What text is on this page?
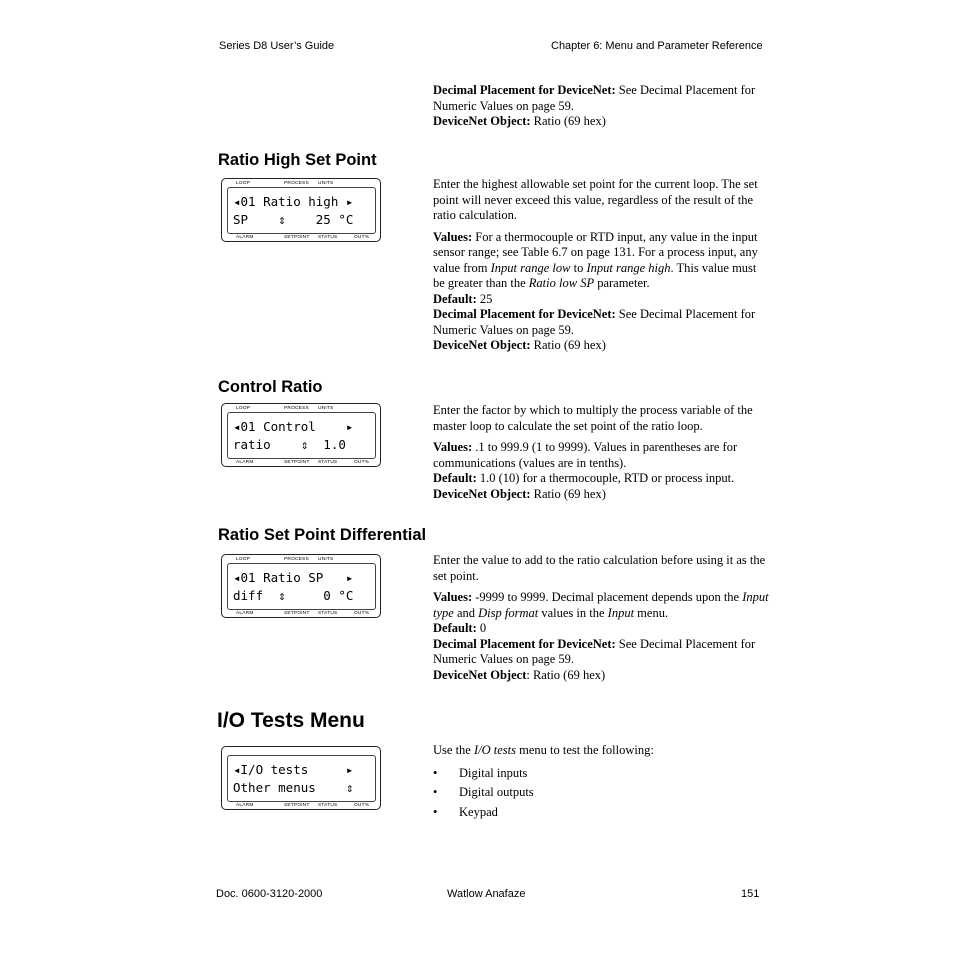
Series D8 User’s Guide	Chapter 6: Menu and Parameter Reference
Decimal Placement for DeviceNet: See Decimal Placement for Numeric Values on page 59.
DeviceNet Object: Ratio (69 hex)
Ratio High Set Point
LOOP	PROCESS UNITS
◂01 Ratio high ▸
SP    ⇕    25 °C
ALARM	SETPOINT STATUS	OUT%

Enter the highest allowable set point for the current loop. The set point will never exceed this value, regardless of the result of the ratio calculation.

Values: For a thermocouple or RTD input, any value in the input sensor range; see Table 6.7 on page 131. For a process input, any value from Input range low to Input range high. This value must be greater than the Ratio low SP parameter.
Default: 25
Decimal Placement for DeviceNet: See Decimal Placement for Numeric Values on page 59.
DeviceNet Object: Ratio (69 hex)
Control Ratio
LOOP	PROCESS UNITS
◂01 Control    ▸
ratio    ⇕  1.0
ALARM	SETPOINT STATUS	OUT%

Enter the factor by which to multiply the process variable of the master loop to calculate the set point of the ratio loop.

Values: .1 to 999.9 (1 to 9999). Values in parentheses are for communications (values are in tenths).
Default: 1.0 (10) for a thermocouple, RTD or process input.
DeviceNet Object: Ratio (69 hex)
Ratio Set Point Differential
LOOP	PROCESS UNITS
◂01 Ratio SP   ▸
diff  ⇕     0 °C
ALARM	SETPOINT STATUS	OUT%

Enter the value to add to the ratio calculation before using it as the set point.

Values: -9999 to 9999. Decimal placement depends upon the Input type and Disp format values in the Input menu.
Default: 0
Decimal Placement for DeviceNet: See Decimal Placement for Numeric Values on page 59.
DeviceNet Object: Ratio (69 hex)
I/O Tests Menu
◂I/O tests     ▸
Other menus    ⇕
ALARM	SETPOINT STATUS	OUT%
Use the I/O tests menu to test the following:
• Digital inputs
• Digital outputs
• Keypad
Doc. 0600-3120-2000	Watlow Anafaze	151
